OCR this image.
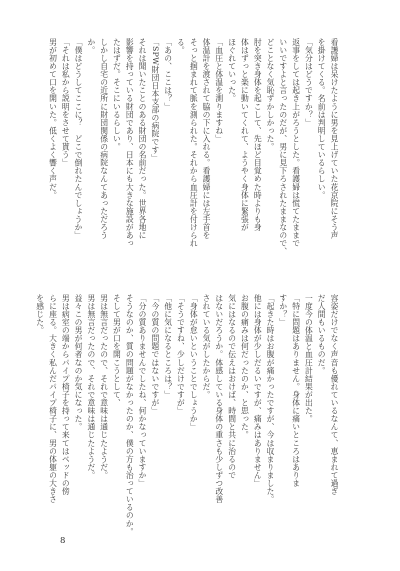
看護婦は呆けたように男を見上げていた花京院にそう声
を掛けてくる。名前は判明しているらしい。
「気分はどうですか？」
返事をしては起き上がろうとした。看護婦は慌てたままで
いいですよと言ったのだが、男に見下ろされたままなので、
どことなく気恥ずかしかった。
肘を突き身体を起こして、先ほど目覚めた時よりも身
体はずっと楽に動いてくれて、ようやく身体に緊張が
ほぐれていった。
「血圧と体温を測りますね」
体温計を渡されて脇の下に入れる。看護婦には左手首を
そっと掴まれて脈を測られた。それから血圧計を付けられ
る。
「あの、ここは？」
「SPW財団日本支部の病院です」
それは聞いたことのある財団の名前だった。世界各地に
影響を持っている財団であり、日本にも大きな施設があっ
たはずだ。そこにいるらしい。
しかし自宅の近所に財団関係の病院なんてあっただろう
か。
「僕はどうしてここに？　どこで倒れたんでしょうか」
「それは私から説明をさせて貰う」
男が初めて口を開いた。低くよく響く声だ。
容姿だけでなく声音も優れているなんて、恵まれて過ぎ
だ人間もいるものだ。
一度今の体温と血圧計結果が出た。
「特に問題はありません。身体に痛いところはありま
すか？」
「起きた時はお腹が痛かったですが、今は収まりました。
他には身体が少しだるいですが、痛みはありません」
お腹の痛みは何だったのか、と思った。
気にはなるので伝えはおけば、時間と共に治るので
はないだろうか。体感している身体の重さも少しずつ改善
されている気がしたからだ。
「身体が怠いということでしょうか」
「そうですね、少しだけですが」
「他に気になるところは？」
「今の質の問題ではないですが」
「分の質ありませんでしたね、何かなっていますか」
そうなのか、質の問題がなかったのか、僕の方も治っているのか。
そして男が口を開こうとして、
男は無言だったので、それで意味は通じたようだ。
男は無言だったので、それで意味は通じたようだ。
益々この男が何者なのか気になった。
男は病室の端からパイプ椅子を持って来てはベッドの傍
らに座る。大きく私んだパイプ椅子に、男の体躯の大きさ
を感じた。
8
